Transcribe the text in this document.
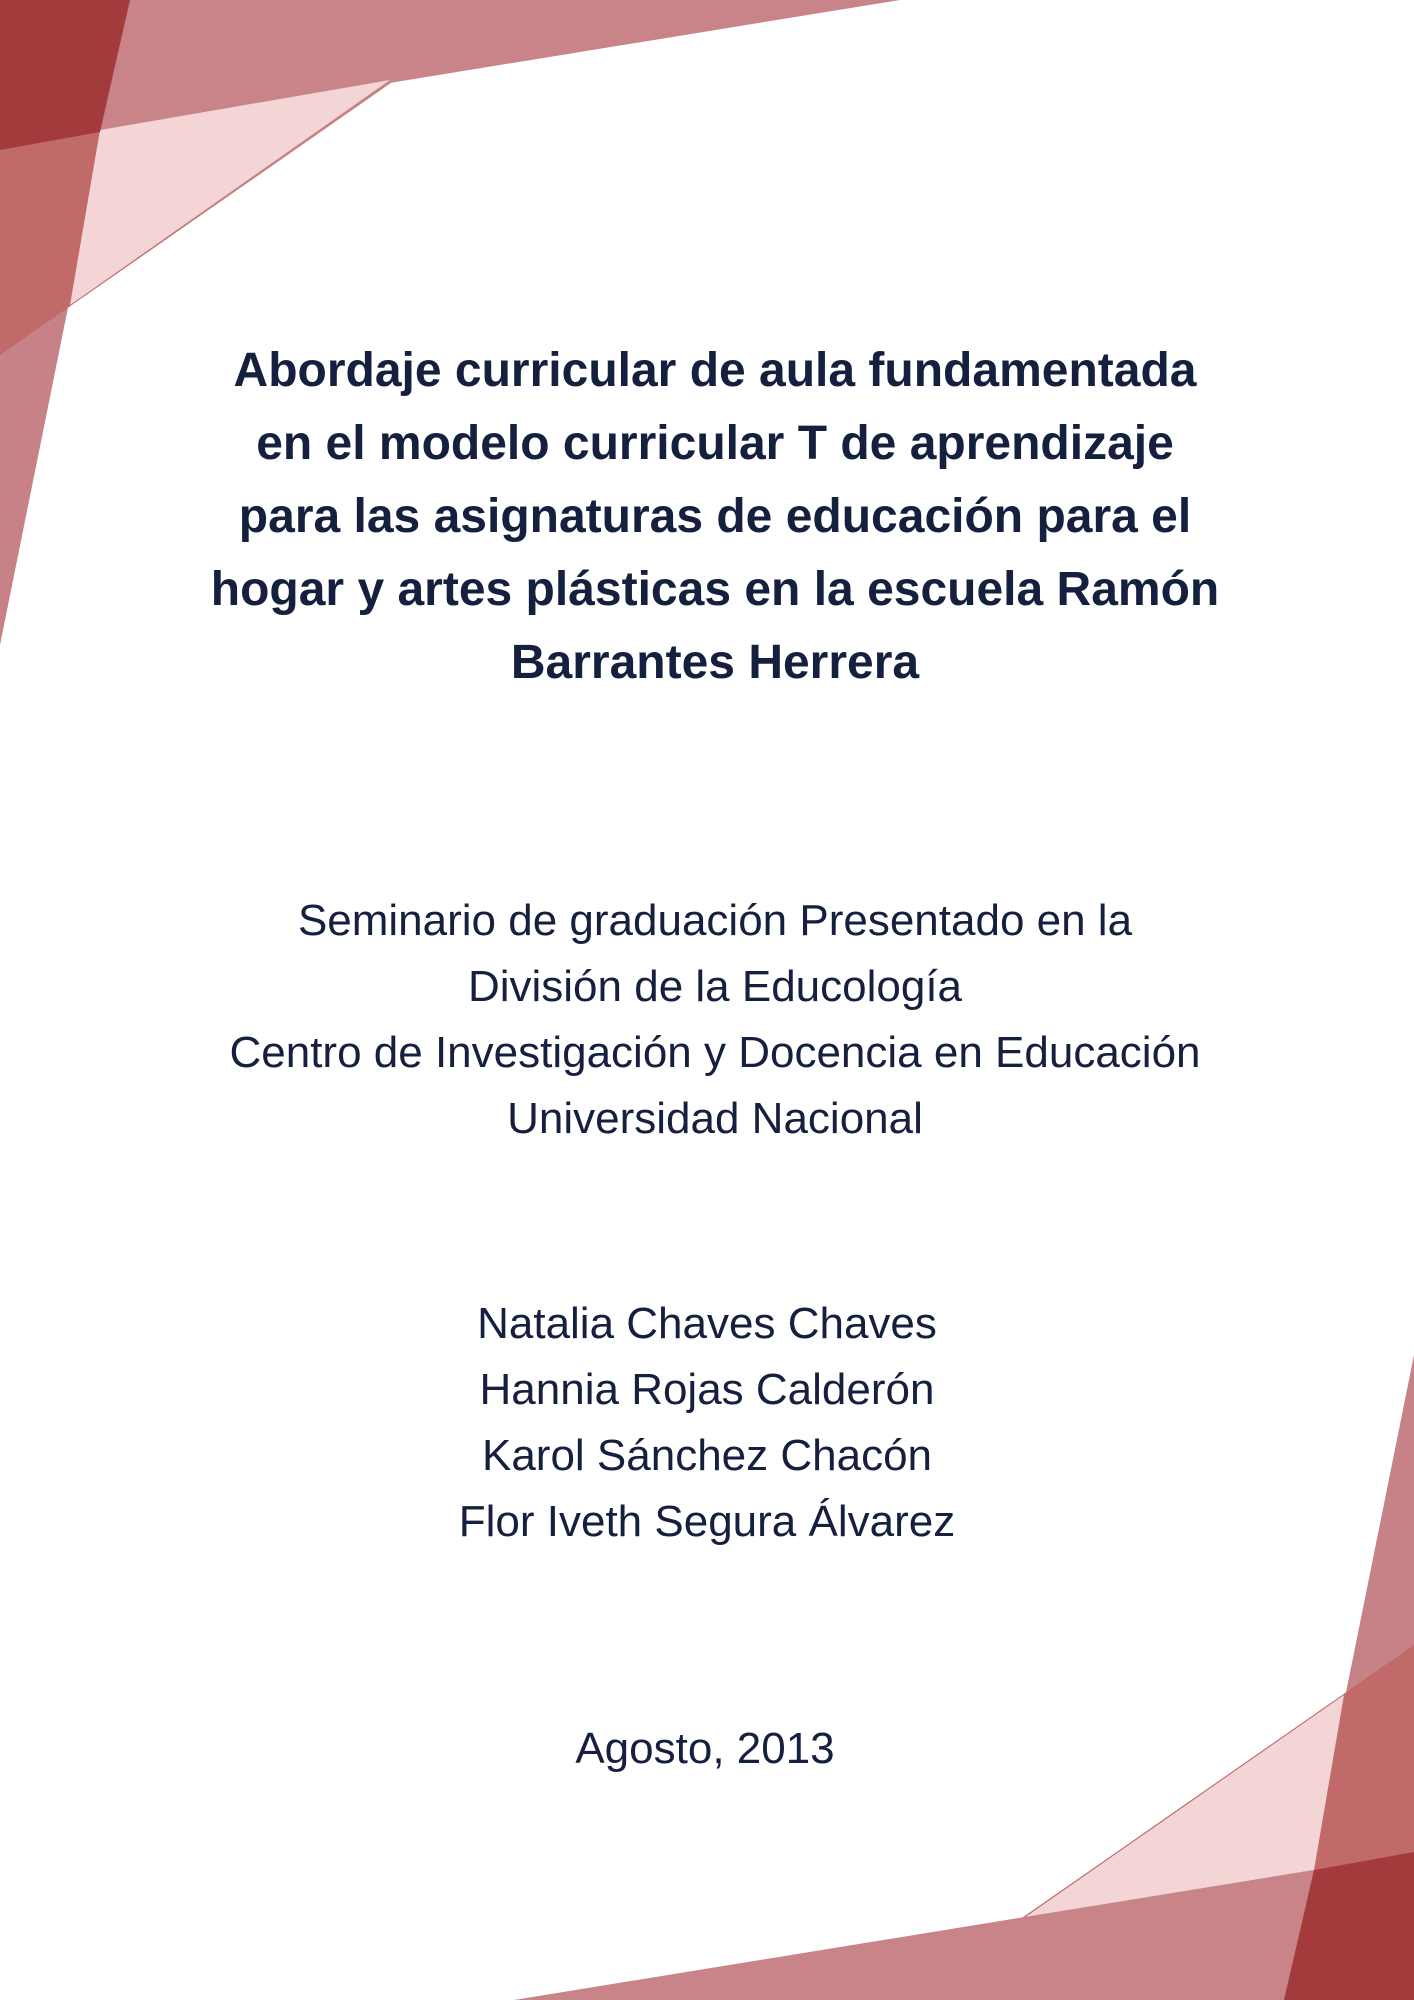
Abordaje curricular de aula fundamentada
en el modelo curricular T de aprendizaje
para las asignaturas de educación para el
hogar y artes plásticas en la escuela Ramón
Barrantes Herrera
Seminario de graduación Presentado en la
División de la Educología
Centro de Investigación y Docencia en Educación
Universidad Nacional
Natalia Chaves Chaves
Hannia Rojas Calderón
Karol Sánchez Chacón
Flor Iveth Segura Álvarez
Agosto, 2013
